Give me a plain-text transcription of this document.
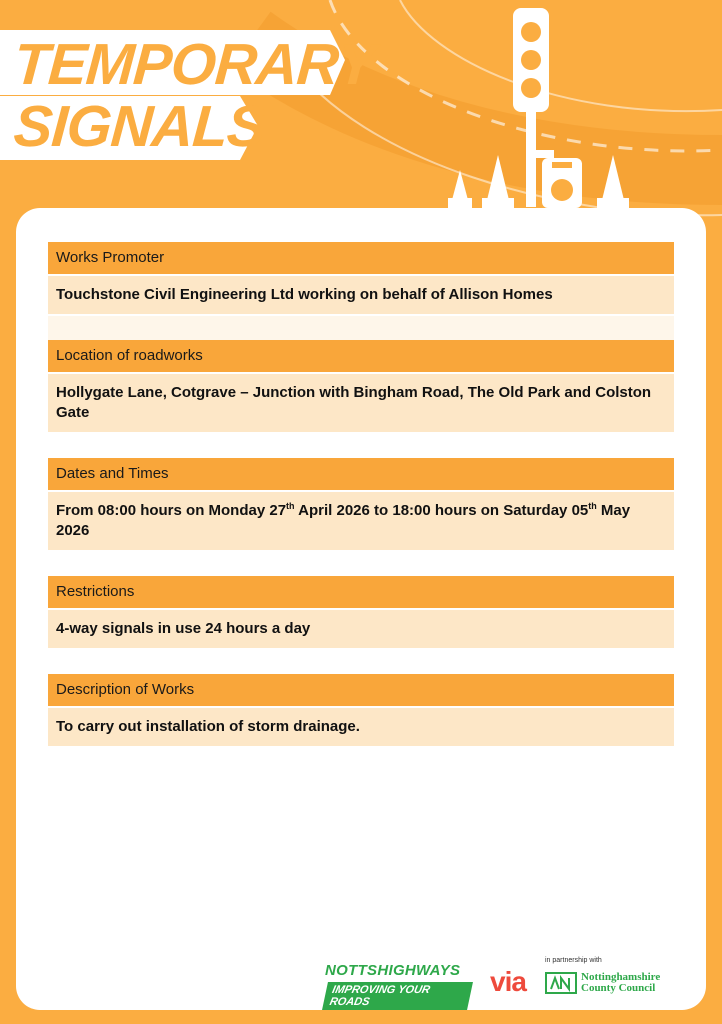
TEMPORARY
SIGNALS
Works Promoter
Touchstone Civil Engineering Ltd working on behalf of Allison Homes
Location of roadworks
Hollygate Lane, Cotgrave – Junction with Bingham Road, The Old Park and Colston Gate
Dates and Times
From 08:00 hours on Monday 27th April 2026 to 18:00 hours on Saturday 05th May 2026
Restrictions
4-way signals in use 24 hours a day
Description of Works
To carry out installation of storm drainage.
NOTTSHIGHWAYS
IMPROVING YOUR ROADS
via
in partnership with
Nottinghamshire
County Council
